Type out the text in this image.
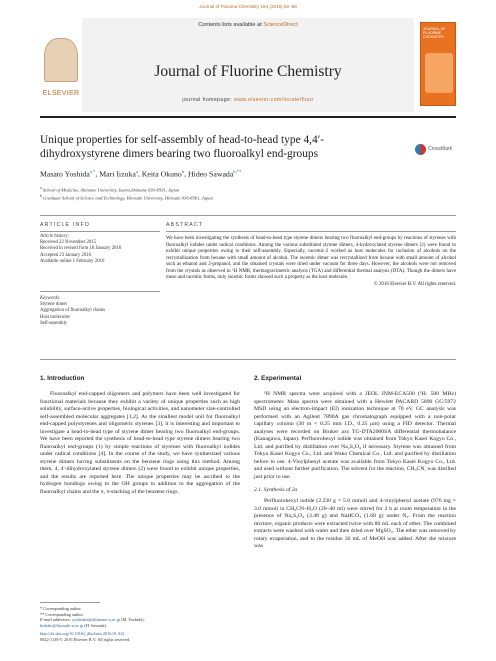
Journal of Fluorine Chemistry 184 (2016) 82–88
ELSEVIER
Contents lists available at ScienceDirect
Journal of Fluorine Chemistry
journal homepage: www.elsevier.com/locate/fluor
JOURNAL OF
FLUORINE
CHEMISTRY
Unique properties for self-assembly of head-to-head type 4,4′-dihydroxystyrene dimers bearing two fluoroalkyl end-groups	CrossMark
Masato Yoshida$^{a,*}$, Mari Iizuka$^a$, Keita Okuno$^b$, Hideo Sawada$^{b,**}$
$^a$ School of Medicine, Shimane University, Izumo,Shimane 693-8501, Japan
$^b$ Graduate School of Science and Technology, Hirosaki University, Hirosaki 036-8561, Japan
ARTICLE INFO	ABSTRACT
Article history:
Received 22 November 2015
Received in revised form 18 January 2016
Accepted 23 January 2016
Available online 1 February 2016
Keywords:
Styrene dimer
Aggregation of fluoroalkyl chains
Host molecules
Self-assembly
We have been investigating the synthesis of head-to-head type styrene dimers bearing two fluoroalkyl end-groups by reactions of styrenes with fluoroalkyl iodides under radical conditions. Among the various substituted styrene dimers, 4-hydroxylated styrene dimers (2) were found to exhibit unique properties owing to their self-assembly. Especially, racemic-2 worked as host molecules for inclusion of alcohols on the recrystallization from hexane with small amount of alcohol. The racemic dimer was recrystallized from hexane with small amount of alcohol such as ethanol and 2-propanol, and the obtained crystals were dried under vacuum for three days. However, the alcohols were not removed from the crystals as observed in ¹H NMR, thermogravimetric analysis (TGA) and differential thermal analysis (DTA). Though the dimers have meso and racemic forms, only racemic forms showed such a property as the host molecule.
© 2016 Elsevier B.V. All rights reserved.
1. Introduction
Fluoroalkyl end-capped oligomers and polymers have been well investigated for functional materials because they exhibit a variety of unique properties such as high solubility, surface-active properties, biological activities, and nanometer size-controlled self-assembled molecular aggregates [1,2]. As the smallest model unit for fluoroalkyl end-capped polystyrenes and oligomeric styrenes [3], it is interesting and important to investigate a head-to-head type of styrene dimer bearing two fluoroalkyl end-groups. We have been reported the synthesis of head-to-head type styrene dimers bearing two fluoroalkyl end-groups (1) by simple reactions of styrenes with fluoroalkyl iodides under radical conditions [4]. In the course of the study, we have synthesized various styrene dimers having substituents on the benzene rings using this method. Among them, 4, 4′-dihydroxylated styrene dimers (2) were found to exhibit unique properties, and the results are reported here. The unique properties may be ascribed to the hydrogen bondings owing to the OH groups in addition to the aggregation of the fluoroalkyl chains and the π, π-stacking of the benzene rings.
2. Experimental
¹H NMR spectra were acquired with a JEOL JNM-ECA500 (¹H: 500 MHz) spectrometer. Mass spectra were obtained with a Hewlett PACARD 5890 GC/5972 MSD using an electron-impact (EI) ionization technique at 70 eV. GC analysis was performed with an Agilent 7890A gas chromatograph equipped with a non-polar capillary column (30 m × 0.25 mm I.D., 0.25 μm) using a FID detector. Thermal analyses were recorded on Bruker axs TG-DTA2000SA differential thermobalance (Kanagawa, Japan). Perfluorohexyl iodide was obtained from Tokyo Kasei Kogyo Co., Ltd. and purified by distillation over Na₂S₂O₄ if necessary. Styrene was obtained from Tokyo Kasei Kogyo Co., Ltd. and Wako Chemical Co., Ltd. and purified by distillation before to use. 4-Vinylphenyl acetate was available from Tokyo Kasei Kogyo Co., Ltd. and used without further purification. The solvent for the reaction, CH₃CN, was distilled just prior to use.
2.1. Synthesis of 2a
Perfluorohexyl iodide (2.230 g × 5.0 mmol) and 4-vinylphenyl acetate (976 mg × 3.0 mmol) in CH₃CN–H₂O (20–40 ml) were stirred for 2 h at room temperature in the presence of Na₂S₂O₄ (3.48 g) and NaHCO₃ (1.68 g) under N₂. From the reaction mixture, organic products were extracted twice with 80 mL each of ether. The combined extracts were washed with water and then dried over MgSO₄. The ether was removed by rotary evaporation, and to the residue 30 mL of MeOH was added. After the mixture was
* Corresponding author.
** Corresponding author.
E-mail addresses: yoshidam@shimane-u.ac.jp (M. Yoshida),
hideaki@hirosaki-u.ac.jp (H. Sawada).
http://dx.doi.org/10.1016/j.jfluchem.2016.01.012
0022-1139/© 2016 Elsevier B.V. All rights reserved.
